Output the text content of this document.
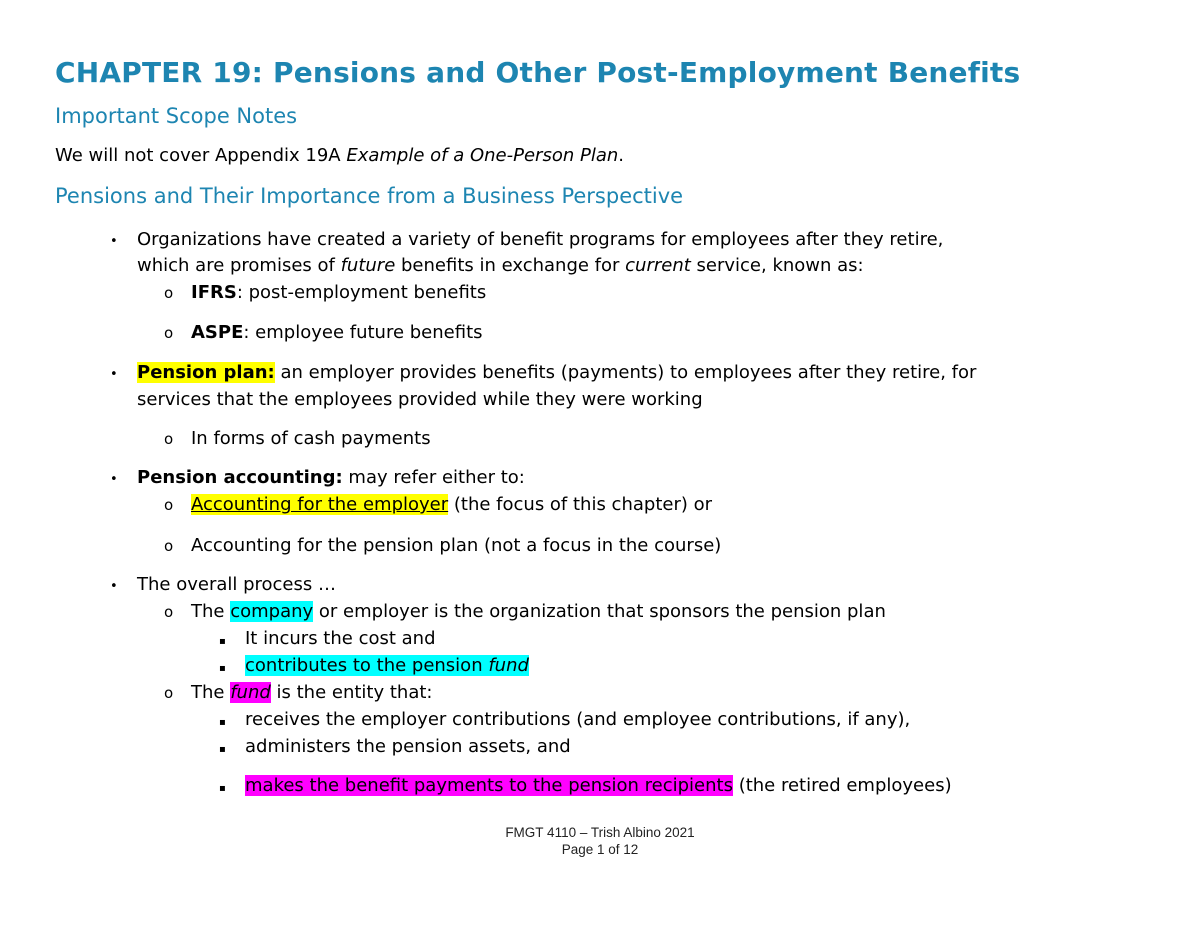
CHAPTER 19: Pensions and Other Post-Employment Benefits
Important Scope Notes
We will not cover Appendix 19A Example of a One-Person Plan.
Pensions and Their Importance from a Business Perspective
• Organizations have created a variety of benefit programs for employees after they retire,
which are promises of future benefits in exchange for current service, known as:
o IFRS: post-employment benefits
o ASPE: employee future benefits
• Pension plan: an employer provides benefits (payments) to employees after they retire, for
services that the employees provided while they were working
o In forms of cash payments
• Pension accounting: may refer either to:
o Accounting for the employer (the focus of this chapter) or
o Accounting for the pension plan (not a focus in the course)
• The overall process …
o The company or employer is the organization that sponsors the pension plan
▪ It incurs the cost and
▪ contributes to the pension fund
o The fund is the entity that:
▪ receives the employer contributions (and employee contributions, if any),
▪ administers the pension assets, and
▪ makes the benefit payments to the pension recipients (the retired employees)
FMGT 4110 – Trish Albino 2021
Page 1 of 12
